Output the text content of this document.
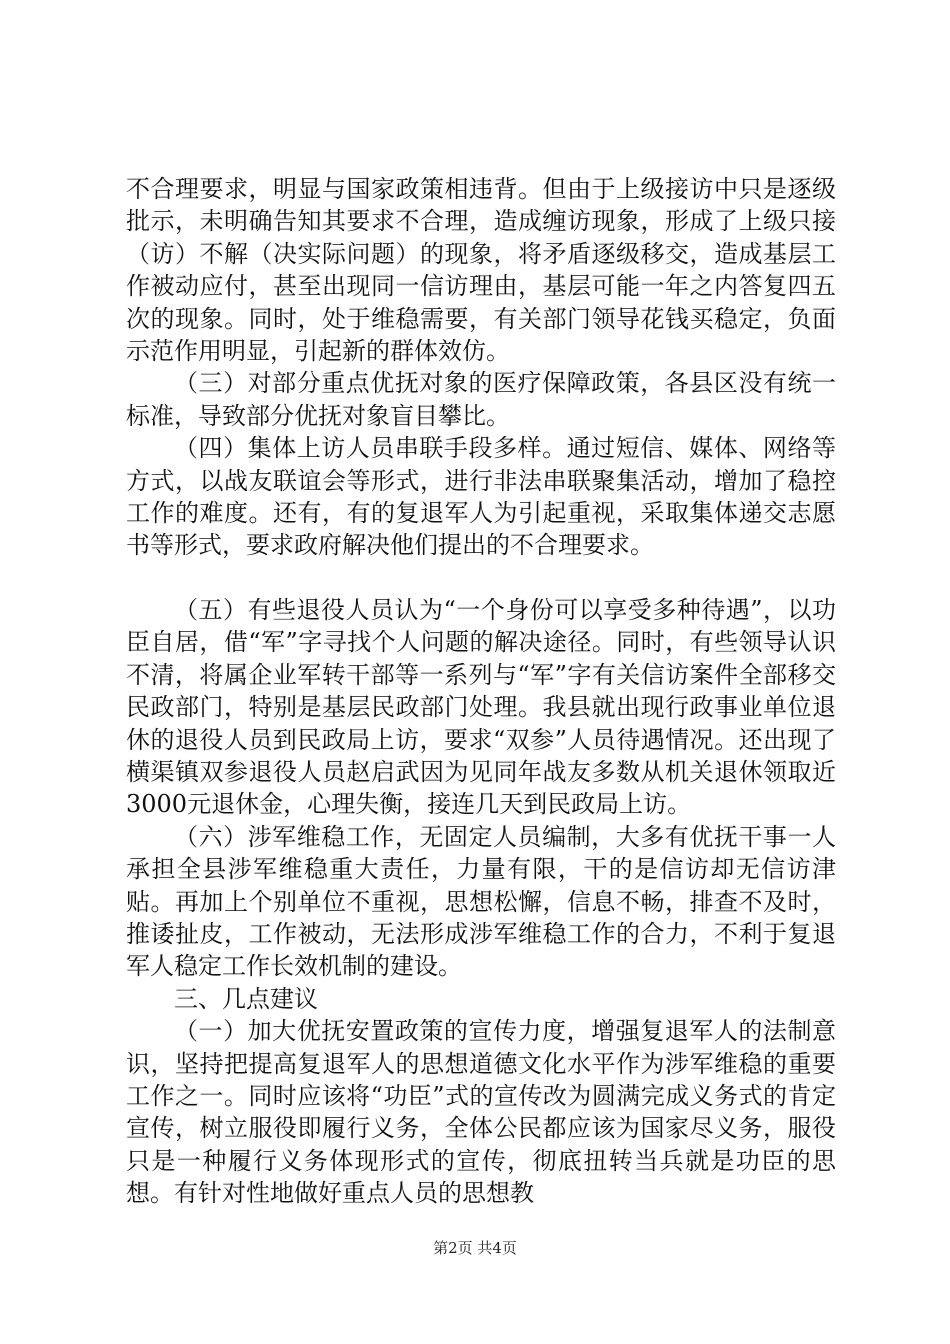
不合理要求，明显与国家政策相违背。但由于上级接访中只是逐级批示，未明确告知其要求不合理，造成缠访现象，形成了上级只接（访）不解（决实际问题）的现象，将矛盾逐级移交，造成基层工作被动应付，甚至出现同一信访理由，基层可能一年之内答复四五次的现象。同时，处于维稳需要，有关部门领导花钱买稳定，负面示范作用明显，引起新的群体效仿。

（三）对部分重点优抚对象的医疗保障政策，各县区没有统一标准，导致部分优抚对象盲目攀比。

（四）集体上访人员串联手段多样。通过短信、媒体、网络等方式，以战友联谊会等形式，进行非法串联聚集活动，增加了稳控工作的难度。还有，有的复退军人为引起重视，采取集体递交志愿书等形式，要求政府解决他们提出的不合理要求。

（五）有些退役人员认为“一个身份可以享受多种待遇”，以功臣自居，借“军”字寻找个人问题的解决途径。同时，有些领导认识不清，将属企业军转干部等一系列与“军”字有关信访案件全部移交民政部门，特别是基层民政部门处理。我县就出现行政事业单位退休的退役人员到民政局上访，要求“双参”人员待遇情况。还出现了横渠镇双参退役人员赵启武因为见同年战友多数从机关退休领取近3000元退休金，心理失衡，接连几天到民政局上访。

（六）涉军维稳工作，无固定人员编制，大多有优抚干事一人承担全县涉军维稳重大责任，力量有限，干的是信访却无信访津贴。再加上个别单位不重视，思想松懈，信息不畅，排查不及时，推诿扯皮，工作被动，无法形成涉军维稳工作的合力，不利于复退军人稳定工作长效机制的建设。

三、几点建议

（一）加大优抚安置政策的宣传力度，增强复退军人的法制意识，坚持把提高复退军人的思想道德文化水平作为涉军维稳的重要工作之一。同时应该将“功臣”式的宣传改为圆满完成义务式的肯定宣传，树立服役即履行义务，全体公民都应该为国家尽义务，服役只是一种履行义务体现形式的宣传，彻底扭转当兵就是功臣的思想。有针对性地做好重点人员的思想教

第2页 共4页
